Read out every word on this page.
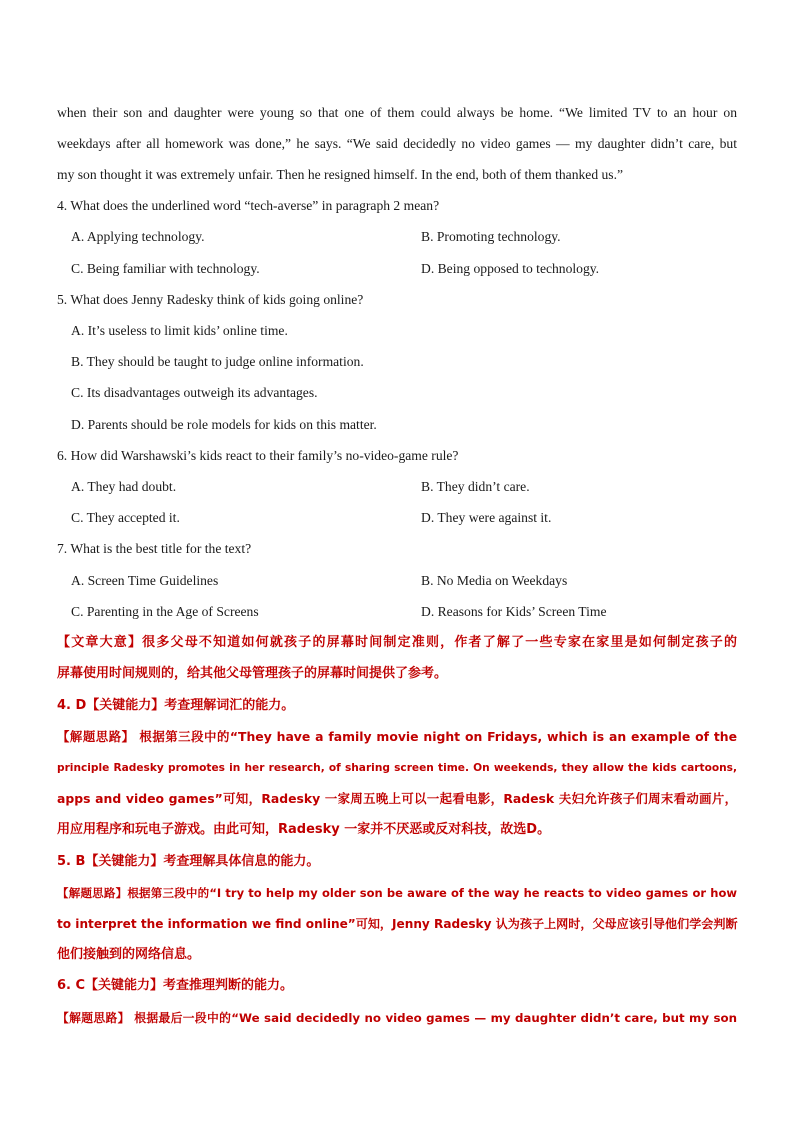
when their son and daughter were young so that one of them could always be home. “We limited TV to an hour on
weekdays after all homework was done,” he says. “We said decidedly no video games — my daughter didn’t care, but
my son thought it was extremely unfair. Then he resigned himself. In the end, both of them thanked us.”
4. What does the underlined word “tech-averse” in paragraph 2 mean?
A. Applying technology.	B. Promoting technology.
C. Being familiar with technology.	D. Being opposed to technology.
5. What does Jenny Radesky think of kids going online?
A. It’s useless to limit kids’ online time.
B. They should be taught to judge online information.
C. Its disadvantages outweigh its advantages.
D. Parents should be role models for kids on this matter.
6. How did Warshawski’s kids react to their family’s no-video-game rule?
A. They had doubt.	B. They didn’t care.
C. They accepted it.	D. They were against it.
7. What is the best title for the text?
A. Screen Time Guidelines	B. No Media on Weekdays
C. Parenting in the Age of Screens	D. Reasons for Kids’ Screen Time
【文章大意】很多父母不知道如何就孩子的屏幕时间制定准则，作者了解了一些专家在家里是如何制定孩子的
屏幕使用时间规则的，给其他父母管理孩子的屏幕时间提供了参考。
4. D【关键能力】考查理解词汇的能力。
【解题思路】 根据第三段中的“They have a family movie night on Fridays, which is an example of the
principle Radesky promotes in her research, of sharing screen time. On weekends, they allow the kids cartoons,
apps and video games”可知，Radesky 一家周五晚上可以一起看电影，Radesk 夫妇允许孩子们周末看动画片，
用应用程序和玩电子游戏。由此可知，Radesky 一家并不厌恶或反对科技，故选D。
5. B【关键能力】考查理解具体信息的能力。
【解题思路】根据第三段中的“I try to help my older son be aware of the way he reacts to video games or how
to interpret the information we find online”可知，Jenny Radesky 认为孩子上网时，父母应该引导他们学会判断
他们接触到的网络信息。
6. C【关键能力】考查推理判断的能力。
【解题思路】 根据最后一段中的“We said decidedly no video games — my daughter didn’t care, but my son
